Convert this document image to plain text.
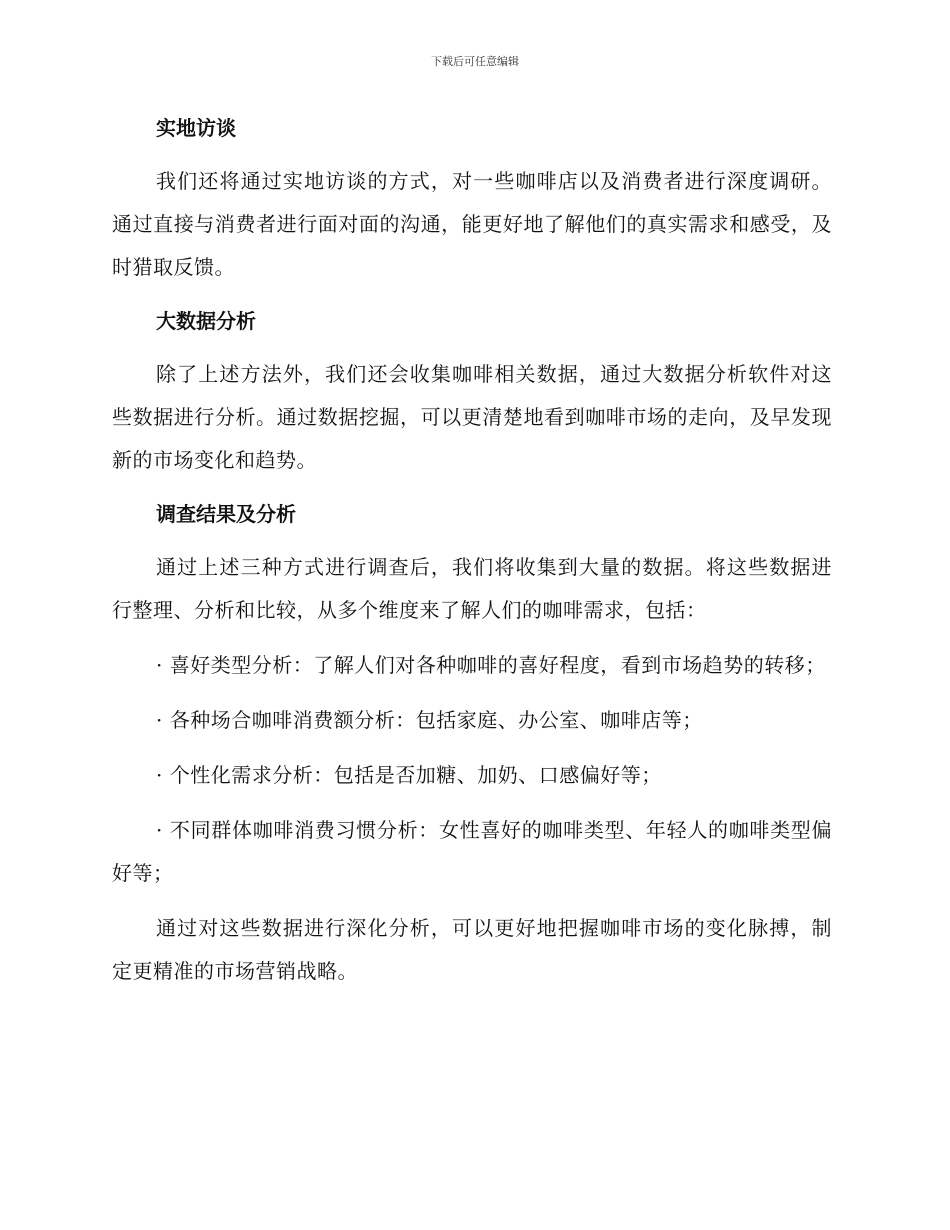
下载后可任意编辑
实地访谈

我们还将通过实地访谈的方式，对一些咖啡店以及消费者进行深度调研。通过直接与消费者进行面对面的沟通，能更好地了解他们的真实需求和感受，及时猎取反馈。

大数据分析

除了上述方法外，我们还会收集咖啡相关数据，通过大数据分析软件对这些数据进行分析。通过数据挖掘，可以更清楚地看到咖啡市场的走向，及早发现新的市场变化和趋势。

调查结果及分析

通过上述三种方式进行调查后，我们将收集到大量的数据。将这些数据进行整理、分析和比较，从多个维度来了解人们的咖啡需求，包括：

· 喜好类型分析：了解人们对各种咖啡的喜好程度，看到市场趋势的转移；

· 各种场合咖啡消费额分析：包括家庭、办公室、咖啡店等；

· 个性化需求分析：包括是否加糖、加奶、口感偏好等；

· 不同群体咖啡消费习惯分析：女性喜好的咖啡类型、年轻人的咖啡类型偏好等；

通过对这些数据进行深化分析，可以更好地把握咖啡市场的变化脉搏，制定更精准的市场营销战略。
